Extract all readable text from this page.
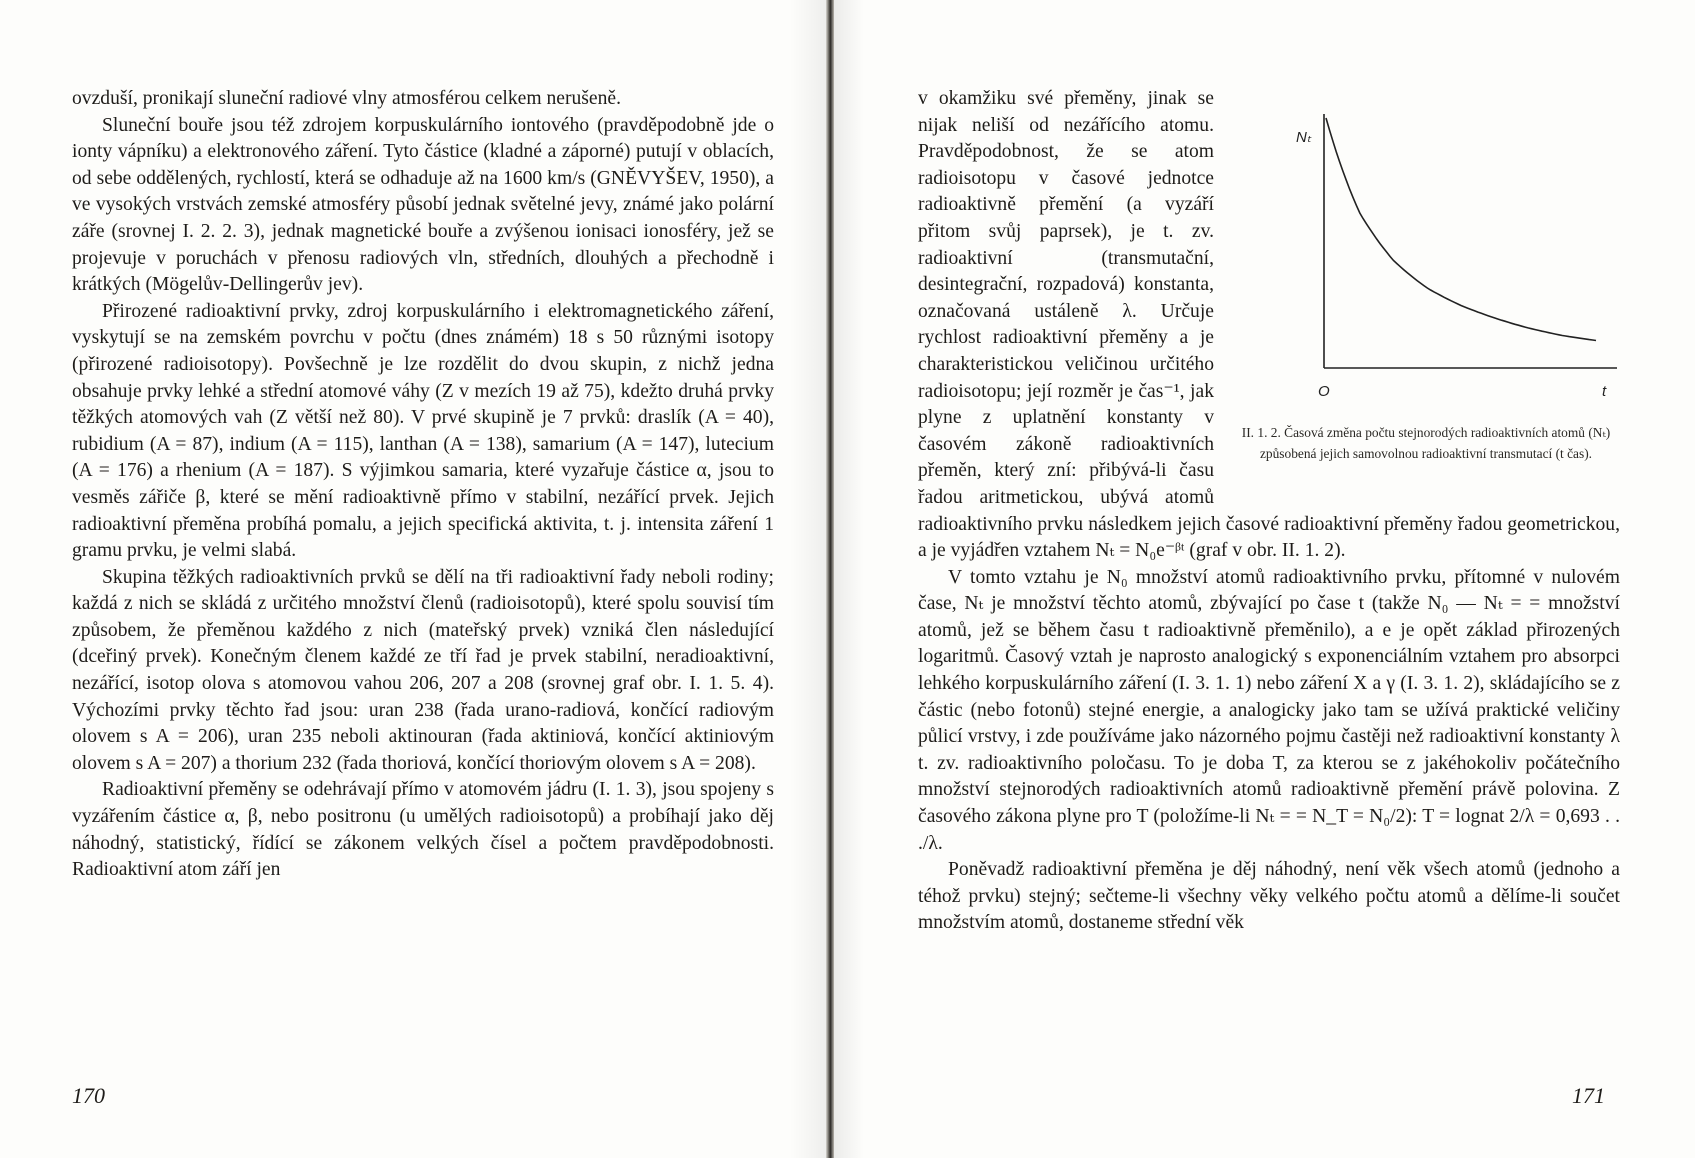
ovzduší, pronikají sluneční radiové vlny atmosférou celkem nerušeně.

Sluneční bouře jsou též zdrojem korpuskulárního iontového (pravděpodobně jde o ionty vápníku) a elektronového záření. Tyto částice (kladné a záporné) putují v oblacích, od sebe oddělených, rychlostí, která se odhaduje až na 1600 km/s (GNĚVYŠEV, 1950), a ve vysokých vrstvách zemské atmosféry působí jednak světelné jevy, známé jako polární záře (srovnej I. 2. 2. 3), jednak magnetické bouře a zvýšenou ionisaci ionosféry, jež se projevuje v poruchách v přenosu radiových vln, středních, dlouhých a přechodně i krátkých (Mögelův-Dellingerův jev).

Přirozené radioaktivní prvky, zdroj korpuskulárního i elektromagnetického záření, vyskytují se na zemském povrchu v počtu (dnes známém) 18 s 50 různými isotopy (přirozené radioisotopy). Povšechně je lze rozdělit do dvou skupin, z nichž jedna obsahuje prvky lehké a střední atomové váhy (Z v mezích 19 až 75), kdežto druhá prvky těžkých atomových vah (Z větší než 80). V prvé skupině je 7 prvků: draslík (A = 40), rubidium (A = 87), indium (A = 115), lanthan (A = 138), samarium (A = 147), lutecium (A = 176) a rhenium (A = 187). S výjimkou samaria, které vyzařuje částice α, jsou to vesměs zářiče β, které se mění radioaktivně přímo v stabilní, nezářící prvek. Jejich radioaktivní přeměna probíhá pomalu, a jejich specifická aktivita, t. j. intensita záření 1 gramu prvku, je velmi slabá.

Skupina těžkých radioaktivních prvků se dělí na tři radioaktivní řady neboli rodiny; každá z nich se skládá z určitého množství členů (radioisotopů), které spolu souvisí tím způsobem, že přeměnou každého z nich (mateřský prvek) vzniká člen následující (dceřiný prvek). Konečným členem každé ze tří řad je prvek stabilní, neradioaktivní, nezářící, isotop olova s atomovou vahou 206, 207 a 208 (srovnej graf obr. I. 1. 5. 4). Výchozími prvky těchto řad jsou: uran 238 (řada urano-radiová, končící radiovým olovem s A = 206), uran 235 neboli aktinouran (řada aktiniová, končící aktiniovým olovem s A = 207) a thorium 232 (řada thoriová, končící thoriovým olovem s A = 208).

Radioaktivní přeměny se odehrávají přímo v atomovém jádru (I. 1. 3), jsou spojeny s vyzářením částice α, β, nebo positronu (u umělých radioisotopů) a probíhají jako děj náhodný, statistický, řídící se zákonem velkých čísel a počtem pravděpodobnosti. Radioaktivní atom září jen

170
Nₜ
O	t
II. 1. 2. Časová změna počtu stejnorodých radioaktivních atomů (Nₜ) způsobená jejich samovolnou radioaktivní transmutací (t čas).

v okamžiku své přeměny, jinak se nijak neliší od nezářícího atomu. Pravděpodobnost, že se atom radioisotopu v časové jednotce radioaktivně přemění (a vyzáří přitom svůj paprsek), je t. zv. radioaktivní (transmutační, desintegrační, rozpadová) konstanta, označovaná ustáleně λ. Určuje rychlost radioaktivní přeměny a je charakteristickou veličinou určitého radioisotopu; její rozměr je čas⁻¹, jak plyne z uplatnění konstanty v časovém zákoně radioaktivních přeměn, který zní: přibývá-li času řadou aritmetickou, ubývá atomů radioaktivního prvku následkem jejich časové radioaktivní přeměny řadou geometrickou, a je vyjádřen vztahem Nₜ = N₀e⁻ᵝᵗ (graf v obr. II. 1. 2).

V tomto vztahu je N₀ množství atomů radioaktivního prvku, přítomné v nulovém čase, Nₜ je množství těchto atomů, zbývající po čase t (takže N₀ — Nₜ = = množství atomů, jež se během času t radioaktivně přeměnilo), a e je opět základ přirozených logaritmů. Časový vztah je naprosto analogický s exponenciálním vztahem pro absorpci lehkého korpuskulárního záření (I. 3. 1. 1) nebo záření X a γ (I. 3. 1. 2), skládajícího se z částic (nebo fotonů) stejné energie, a analogicky jako tam se užívá praktické veličiny půlicí vrstvy, i zde používáme jako názorného pojmu častěji než radioaktivní konstanty λ t. zv. radioaktivního poločasu. To je doba T, za kterou se z jakéhokoliv počátečního množství stejnorodých radioaktivních atomů radioaktivně přemění právě polovina. Z časového zákona plyne pro T (položíme-li Nₜ = = N_T = N₀/2): T = lognat 2/λ = 0,693 . . ./λ.

Poněvadž radioaktivní přeměna je děj náhodný, není věk všech atomů (jednoho a téhož prvku) stejný; sečteme-li všechny věky velkého počtu atomů a dělíme-li součet množstvím atomů, dostaneme střední věk

171
